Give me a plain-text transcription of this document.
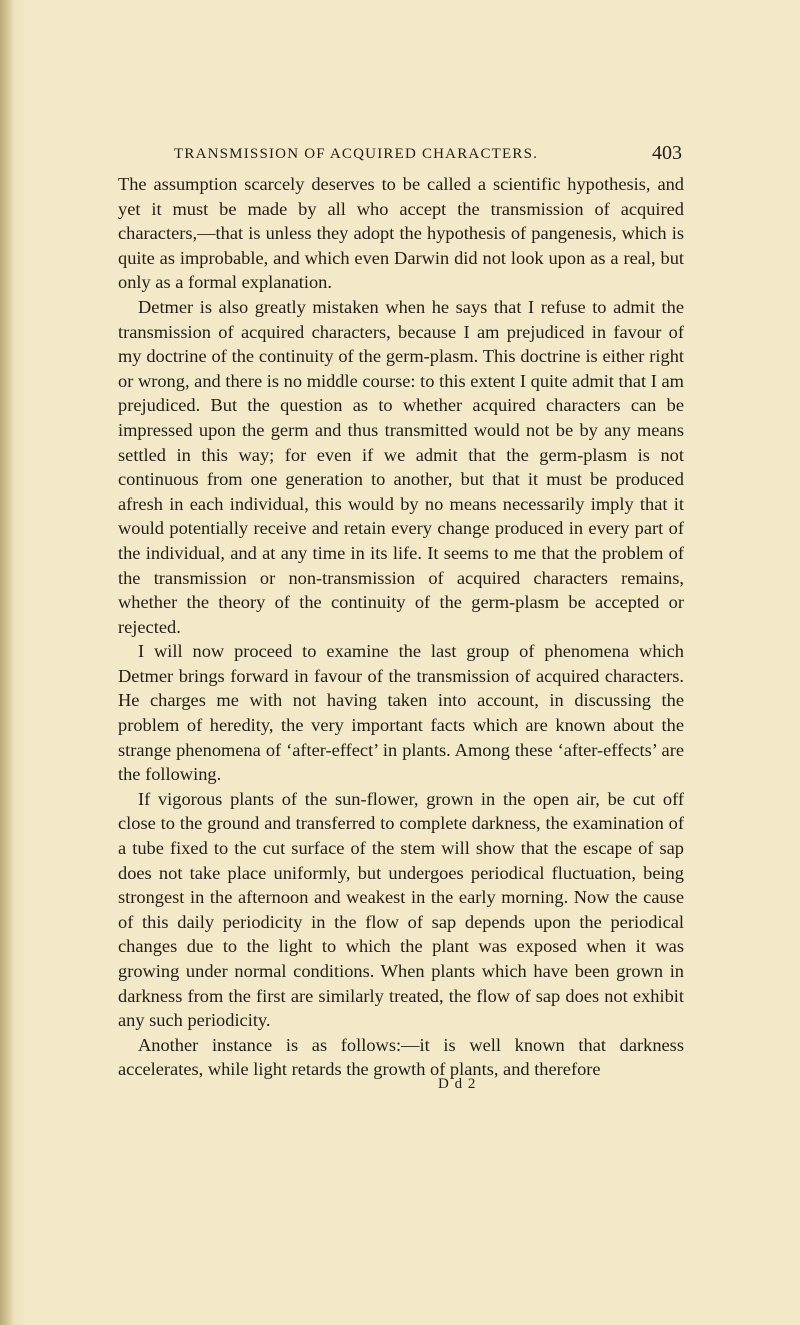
TRANSMISSION OF ACQUIRED CHARACTERS.	403

The assumption scarcely deserves to be called a scientific hypothesis, and yet it must be made by all who accept the transmission of acquired characters,—that is unless they adopt the hypothesis of pangenesis, which is quite as improbable, and which even Darwin did not look upon as a real, but only as a formal explanation.

Detmer is also greatly mistaken when he says that I refuse to admit the transmission of acquired characters, because I am prejudiced in favour of my doctrine of the continuity of the germ-plasm. This doctrine is either right or wrong, and there is no middle course: to this extent I quite admit that I am prejudiced. But the question as to whether acquired characters can be impressed upon the germ and thus transmitted would not be by any means settled in this way; for even if we admit that the germ-plasm is not continuous from one generation to another, but that it must be produced afresh in each individual, this would by no means necessarily imply that it would potentially receive and retain every change produced in every part of the individual, and at any time in its life. It seems to me that the problem of the transmission or non-transmission of acquired characters remains, whether the theory of the continuity of the germ-plasm be accepted or rejected.

I will now proceed to examine the last group of phenomena which Detmer brings forward in favour of the transmission of acquired characters. He charges me with not having taken into account, in discussing the problem of heredity, the very important facts which are known about the strange phenomena of ‘after-effect’ in plants. Among these ‘after-effects’ are the following.

If vigorous plants of the sun-flower, grown in the open air, be cut off close to the ground and transferred to complete darkness, the examination of a tube fixed to the cut surface of the stem will show that the escape of sap does not take place uniformly, but undergoes periodical fluctuation, being strongest in the afternoon and weakest in the early morning. Now the cause of this daily periodicity in the flow of sap depends upon the periodical changes due to the light to which the plant was exposed when it was growing under normal conditions. When plants which have been grown in darkness from the first are similarly treated, the flow of sap does not exhibit any such periodicity.

Another instance is as follows:—it is well known that darkness accelerates, while light retards the growth of plants, and therefore

D d 2
